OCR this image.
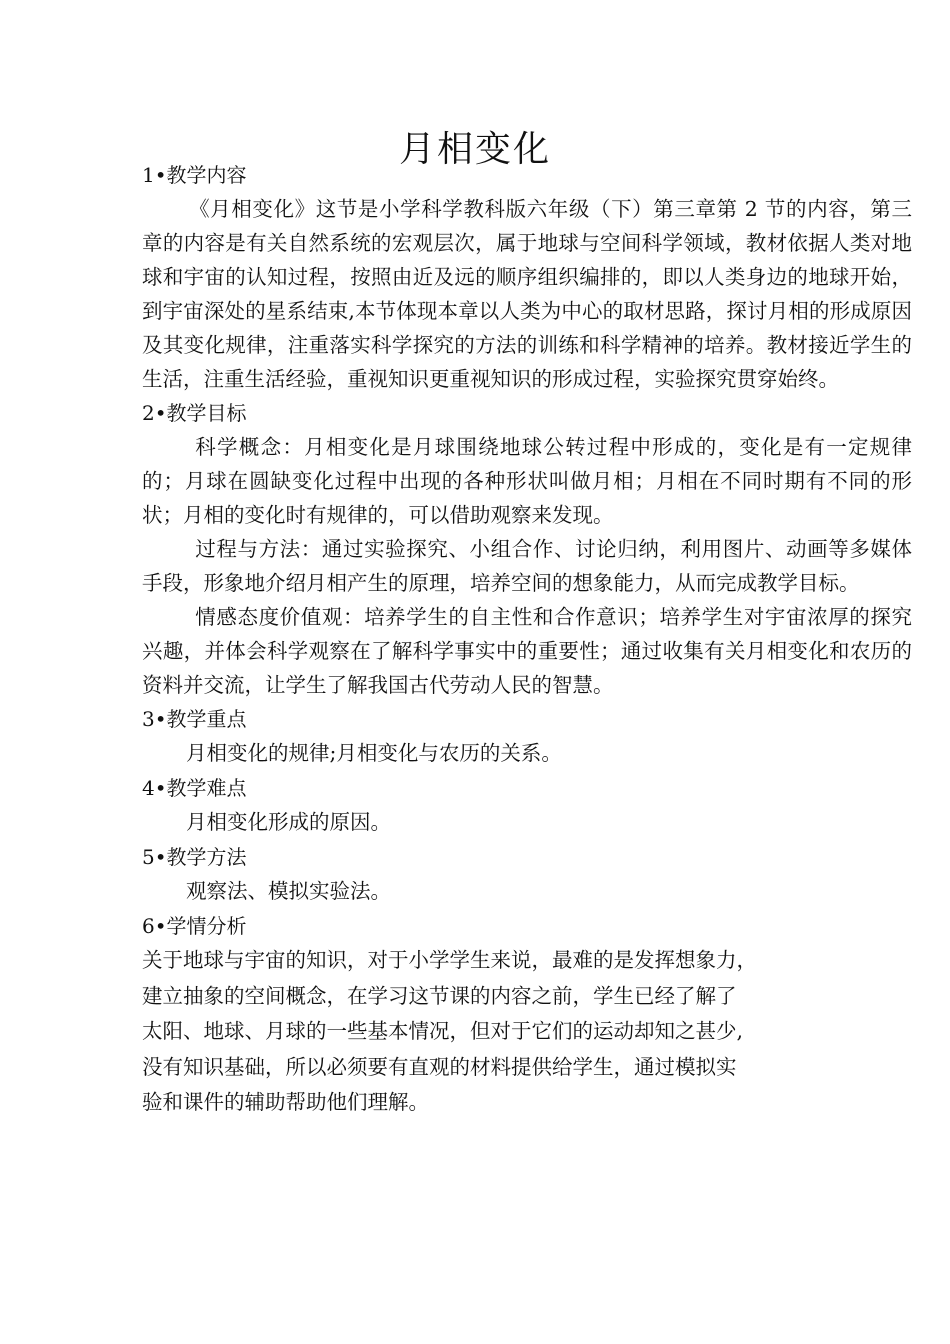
月相变化

1•教学内容

《月相变化》这节是小学科学教科版六年级（下）第三章第 2 节的内容，第三章的内容是有关自然系统的宏观层次，属于地球与空间科学领域，教材依据人类对地球和宇宙的认知过程，按照由近及远的顺序组织编排的，即以人类身边的地球开始，到宇宙深处的星系结束,本节体现本章以人类为中心的取材思路，探讨月相的形成原因及其变化规律，注重落实科学探究的方法的训练和科学精神的培养。教材接近学生的生活，注重生活经验，重视知识更重视知识的形成过程，实验探究贯穿始终。

2•教学目标

科学概念：月相变化是月球围绕地球公转过程中形成的，变化是有一定规律的；月球在圆缺变化过程中出现的各种形状叫做月相；月相在不同时期有不同的形状；月相的变化时有规律的，可以借助观察来发现。

过程与方法：通过实验探究、小组合作、讨论归纳，利用图片、动画等多媒体手段，形象地介绍月相产生的原理，培养空间的想象能力，从而完成教学目标。

情感态度价值观：培养学生的自主性和合作意识；培养学生对宇宙浓厚的探究兴趣，并体会科学观察在了解科学事实中的重要性；通过收集有关月相变化和农历的资料并交流，让学生了解我国古代劳动人民的智慧。

3•教学重点

月相变化的规律;月相变化与农历的关系。

4•教学难点

月相变化形成的原因。

5•教学方法

观察法、模拟实验法。

6•学情分析

关于地球与宇宙的知识，对于小学学生来说，最难的是发挥想象力，
建立抽象的空间概念，在学习这节课的内容之前，学生已经了解了
太阳、地球、月球的一些基本情况，但对于它们的运动却知之甚少,
没有知识基础，所以必须要有直观的材料提供给学生，通过模拟实
验和课件的辅助帮助他们理解。
